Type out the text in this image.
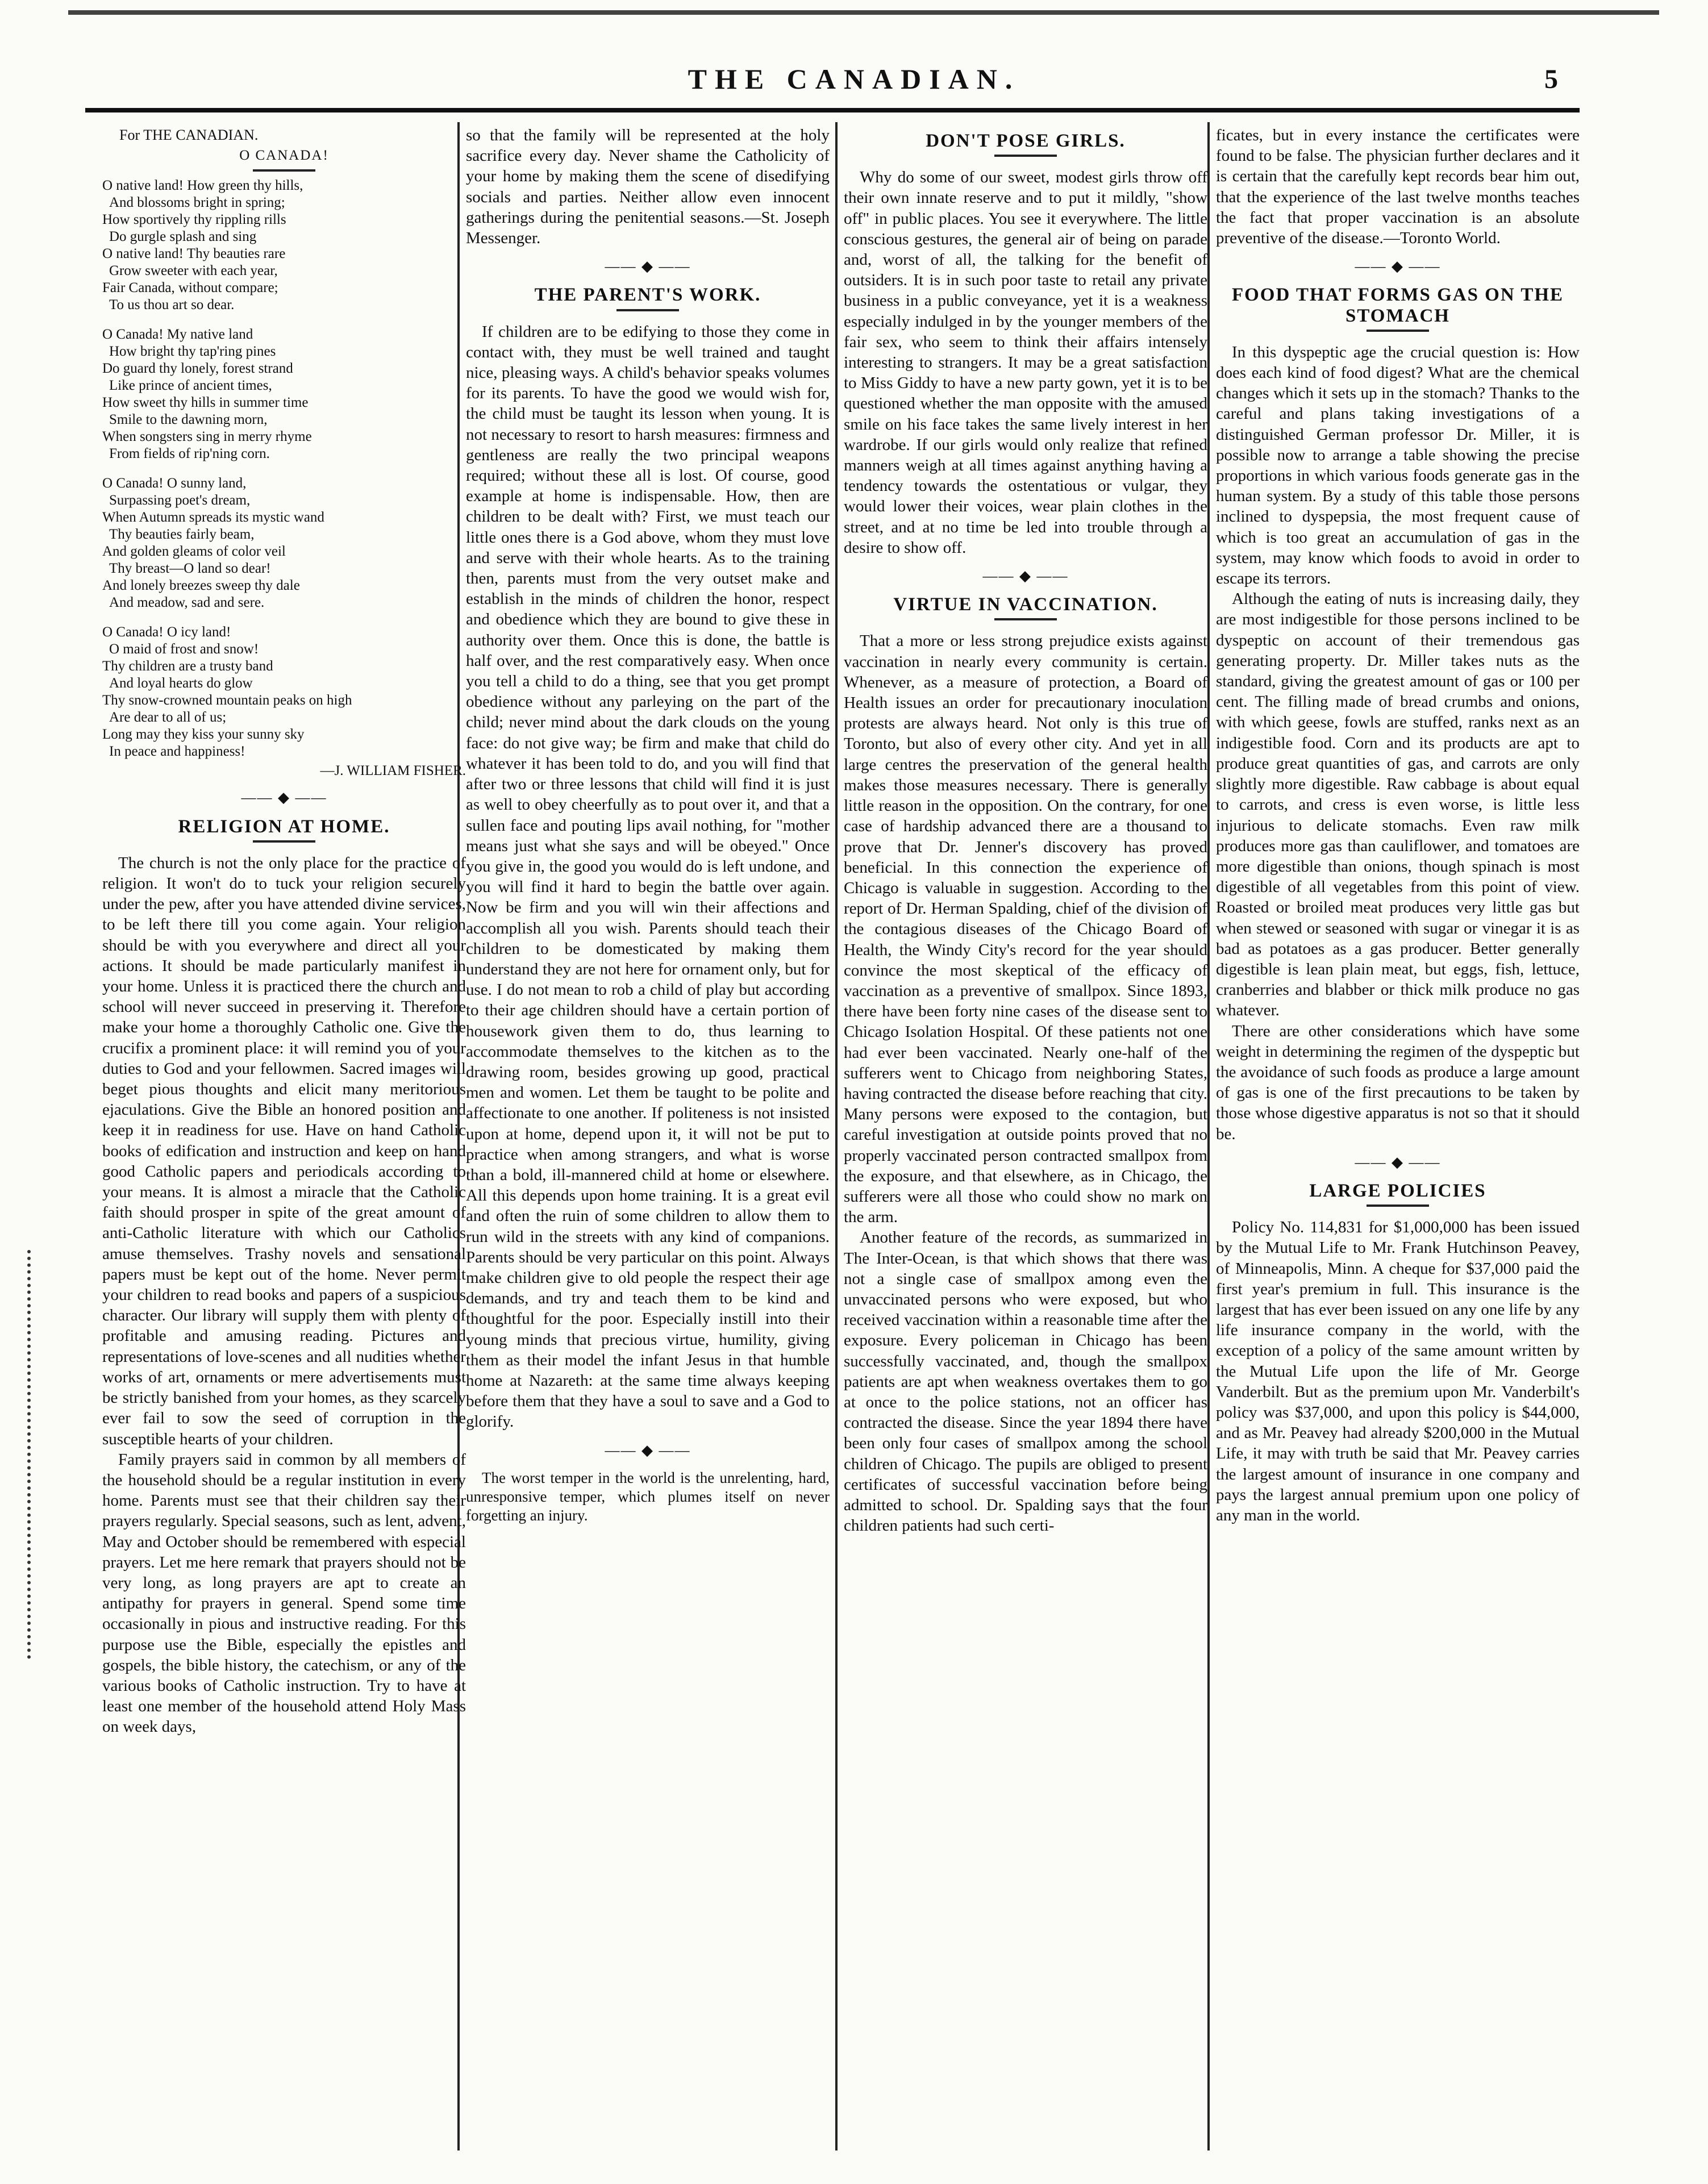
THE CANADIAN.	5
For THE CANADIAN.
O CANADA!
O native land! How green thy hills,
And blossoms bright in spring;
How sportively thy rippling rills
Do gurgle splash and sing
O native land! Thy beauties rare
Grow sweeter with each year,
Fair Canada, without compare;
To us thou art so dear.
O Canada! My native land
How bright thy tap'ring pines
Do guard thy lonely, forest strand
Like prince of ancient times,
How sweet thy hills in summer time
Smile to the dawning morn,
When songsters sing in merry rhyme
From fields of rip'ning corn.
O Canada! O sunny land,
Surpassing poet's dream,
When Autumn spreads its mystic wand
Thy beauties fairly beam,
And golden gleams of color veil
Thy breast—O land so dear!
And lonely breezes sweep thy dale
And meadow, sad and sere.
O Canada! O icy land!
O maid of frost and snow!
Thy children are a trusty band
And loyal hearts do glow
Thy snow-crowned mountain peaks on high
Are dear to all of us;
Long may they kiss your sunny sky
In peace and happiness!
—J. WILLIAM FISHER.
—— ◆ ——
RELIGION AT HOME.

The church is not the only place for the practice of religion. It won't do to tuck your religion securely under the pew, after you have attended divine services, to be left there till you come again. Your religion should be with you everywhere and direct all your actions. It should be made particularly manifest in your home. Unless it is practiced there the church and school will never succeed in preserving it. Therefore make your home a thoroughly Catholic one. Give the crucifix a prominent place: it will remind you of your duties to God and your fellowmen. Sacred images will beget pious thoughts and elicit many meritorious ejaculations. Give the Bible an honored position and keep it in readiness for use. Have on hand Catholic books of edification and instruction and keep on hand good Catholic papers and periodicals according to your means. It is almost a miracle that the Catholic faith should prosper in spite of the great amount of anti-Catholic literature with which our Catholics amuse themselves. Trashy novels and sensational papers must be kept out of the home. Never permit your children to read books and papers of a suspicious character. Our library will supply them with plenty of profitable and amusing reading. Pictures and representations of love-scenes and all nudities whether works of art, ornaments or mere advertisements must be strictly banished from your homes, as they scarcely ever fail to sow the seed of corruption in the susceptible hearts of your children.

Family prayers said in common by all members of the household should be a regular institution in every home. Parents must see that their children say their prayers regularly. Special seasons, such as lent, advent, May and October should be remembered with especial prayers. Let me here remark that prayers should not be very long, as long prayers are apt to create an antipathy for prayers in general. Spend some time occasionally in pious and instructive reading. For this purpose use the Bible, especially the epistles and gospels, the bible history, the catechism, or any of the various books of Catholic instruction. Try to have at least one member of the household attend Holy Mass on week days,

so that the family will be represented at the holy sacrifice every day. Never shame the Catholicity of your home by making them the scene of disedifying socials and parties. Neither allow even innocent gatherings during the penitential seasons.—St. Joseph Messenger.

—— ◆ ——
THE PARENT'S WORK.

If children are to be edifying to those they come in contact with, they must be well trained and taught nice, pleasing ways. A child's behavior speaks volumes for its parents. To have the good we would wish for, the child must be taught its lesson when young. It is not necessary to resort to harsh measures: firmness and gentleness are really the two principal weapons required; without these all is lost. Of course, good example at home is indispensable. How, then are children to be dealt with? First, we must teach our little ones there is a God above, whom they must love and serve with their whole hearts. As to the training then, parents must from the very outset make and establish in the minds of children the honor, respect and obedience which they are bound to give these in authority over them. Once this is done, the battle is half over, and the rest comparatively easy. When once you tell a child to do a thing, see that you get prompt obedience without any parleying on the part of the child; never mind about the dark clouds on the young face: do not give way; be firm and make that child do whatever it has been told to do, and you will find that after two or three lessons that child will find it is just as well to obey cheerfully as to pout over it, and that a sullen face and pouting lips avail nothing, for "mother means just what she says and will be obeyed." Once you give in, the good you would do is left undone, and you will find it hard to begin the battle over again. Now be firm and you will win their affections and accomplish all you wish. Parents should teach their children to be domesticated by making them understand they are not here for ornament only, but for use. I do not mean to rob a child of play but according to their age children should have a certain portion of housework given them to do, thus learning to accommodate themselves to the kitchen as to the drawing room, besides growing up good, practical men and women. Let them be taught to be polite and affectionate to one another. If politeness is not insisted upon at home, depend upon it, it will not be put to practice when among strangers, and what is worse than a bold, ill-mannered child at home or elsewhere. All this depends upon home training. It is a great evil and often the ruin of some children to allow them to run wild in the streets with any kind of companions. Parents should be very particular on this point. Always make children give to old people the respect their age demands, and try and teach them to be kind and thoughtful for the poor. Especially instill into their young minds that precious virtue, humility, giving them as their model the infant Jesus in that humble home at Nazareth: at the same time always keeping before them that they have a soul to save and a God to glorify.

—— ◆ ——

The worst temper in the world is the unrelenting, hard, unresponsive temper, which plumes itself on never forgetting an injury.

DON'T POSE GIRLS.

Why do some of our sweet, modest girls throw off their own innate reserve and to put it mildly, "show off" in public places. You see it everywhere. The little conscious gestures, the general air of being on parade and, worst of all, the talking for the benefit of outsiders. It is in such poor taste to retail any private business in a public conveyance, yet it is a weakness especially indulged in by the younger members of the fair sex, who seem to think their affairs intensely interesting to strangers. It may be a great satisfaction to Miss Giddy to have a new party gown, yet it is to be questioned whether the man opposite with the amused smile on his face takes the same lively interest in her wardrobe. If our girls would only realize that refined manners weigh at all times against anything having a tendency towards the ostentatious or vulgar, they would lower their voices, wear plain clothes in the street, and at no time be led into trouble through a desire to show off.

—— ◆ ——
VIRTUE IN VACCINATION.

That a more or less strong prejudice exists against vaccination in nearly every community is certain. Whenever, as a measure of protection, a Board of Health issues an order for precautionary inoculation protests are always heard. Not only is this true of Toronto, but also of every other city. And yet in all large centres the preservation of the general health makes those measures necessary. There is generally little reason in the opposition. On the contrary, for one case of hardship advanced there are a thousand to prove that Dr. Jenner's discovery has proved beneficial. In this connection the experience of Chicago is valuable in suggestion. According to the report of Dr. Herman Spalding, chief of the division of the contagious diseases of the Chicago Board of Health, the Windy City's record for the year should convince the most skeptical of the efficacy of vaccination as a preventive of smallpox. Since 1893, there have been forty nine cases of the disease sent to Chicago Isolation Hospital. Of these patients not one had ever been vaccinated. Nearly one-half of the sufferers went to Chicago from neighboring States, having contracted the disease before reaching that city. Many persons were exposed to the contagion, but careful investigation at outside points proved that no properly vaccinated person contracted smallpox from the exposure, and that elsewhere, as in Chicago, the sufferers were all those who could show no mark on the arm.

Another feature of the records, as summarized in The Inter-Ocean, is that which shows that there was not a single case of smallpox among even the unvaccinated persons who were exposed, but who received vaccination within a reasonable time after the exposure. Every policeman in Chicago has been successfully vaccinated, and, though the smallpox patients are apt when weakness overtakes them to go at once to the police stations, not an officer has contracted the disease. Since the year 1894 there have been only four cases of smallpox among the school children of Chicago. The pupils are obliged to present certificates of successful vaccination before being admitted to school. Dr. Spalding says that the four children patients had such certi-

ficates, but in every instance the certificates were found to be false. The physician further declares and it is certain that the carefully kept records bear him out, that the experience of the last twelve months teaches the fact that proper vaccination is an absolute preventive of the disease.—Toronto World.

—— ◆ ——
FOOD THAT FORMS GAS ON THE STOMACH

In this dyspeptic age the crucial question is: How does each kind of food digest? What are the chemical changes which it sets up in the stomach? Thanks to the careful and plans taking investigations of a distinguished German professor Dr. Miller, it is possible now to arrange a table showing the precise proportions in which various foods generate gas in the human system. By a study of this table those persons inclined to dyspepsia, the most frequent cause of which is too great an accumulation of gas in the system, may know which foods to avoid in order to escape its terrors.

Although the eating of nuts is increasing daily, they are most indigestible for those persons inclined to be dyspeptic on account of their tremendous gas generating property. Dr. Miller takes nuts as the standard, giving the greatest amount of gas or 100 per cent. The filling made of bread crumbs and onions, with which geese, fowls are stuffed, ranks next as an indigestible food. Corn and its products are apt to produce great quantities of gas, and carrots are only slightly more digestible. Raw cabbage is about equal to carrots, and cress is even worse, is little less injurious to delicate stomachs. Even raw milk produces more gas than cauliflower, and tomatoes are more digestible than onions, though spinach is most digestible of all vegetables from this point of view. Roasted or broiled meat produces very little gas but when stewed or seasoned with sugar or vinegar it is as bad as potatoes as a gas producer. Better generally digestible is lean plain meat, but eggs, fish, lettuce, cranberries and blabber or thick milk produce no gas whatever.

There are other considerations which have some weight in determining the regimen of the dyspeptic but the avoidance of such foods as produce a large amount of gas is one of the first precautions to be taken by those whose digestive apparatus is not so that it should be.

—— ◆ ——
LARGE POLICIES

Policy No. 114,831 for $1,000,000 has been issued by the Mutual Life to Mr. Frank Hutchinson Peavey, of Minneapolis, Minn. A cheque for $37,000 paid the first year's premium in full. This insurance is the largest that has ever been issued on any one life by any life insurance company in the world, with the exception of a policy of the same amount written by the Mutual Life upon the life of Mr. George Vanderbilt. But as the premium upon Mr. Vanderbilt's policy was $37,000, and upon this policy is $44,000, and as Mr. Peavey had already $200,000 in the Mutual Life, it may with truth be said that Mr. Peavey carries the largest amount of insurance in one company and pays the largest annual premium upon one policy of any man in the world.
